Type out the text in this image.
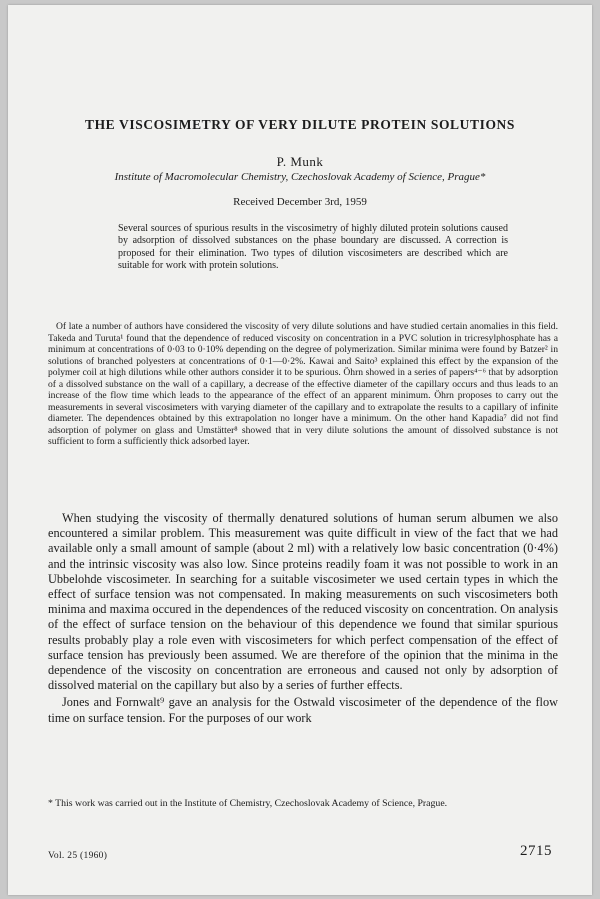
THE VISCOSIMETRY OF VERY DILUTE PROTEIN SOLUTIONS
P. Munk
Institute of Macromolecular Chemistry, Czechoslovak Academy of Science, Prague*
Received December 3rd, 1959
Several sources of spurious results in the viscosimetry of highly diluted protein solutions caused by adsorption of dissolved substances on the phase boundary are discussed. A correction is proposed for their elimination. Two types of dilution viscosimeters are described which are suitable for work with protein solutions.
Of late a number of authors have considered the viscosity of very dilute solutions and have studied certain anomalies in this field. Takeda and Turuta¹ found that the dependence of reduced viscosity on concentration in a PVC solution in tricresylphosphate has a minimum at concentrations of 0·03 to 0·10% depending on the degree of polymerization. Similar minima were found by Batzer² in solutions of branched polyesters at concentrations of 0·1—0·2%. Kawai and Saito³ explained this effect by the expansion of the polymer coil at high dilutions while other authors consider it to be spurious. Öhrn showed in a series of papers⁴⁻⁶ that by adsorption of a dissolved substance on the wall of a capillary, a decrease of the effective diameter of the capillary occurs and thus leads to an increase of the flow time which leads to the appearance of the effect of an apparent minimum. Öhrn proposes to carry out the measurements in several viscosimeters with varying diameter of the capillary and to extrapolate the results to a capillary of infinite diameter. The dependences obtained by this extrapolation no longer have a minimum. On the other hand Kapadia⁷ did not find adsorption of polymer on glass and Umstätter⁸ showed that in very dilute solutions the amount of dissolved substance is not sufficient to form a sufficiently thick adsorbed layer.

When studying the viscosity of thermally denatured solutions of human serum albumen we also encountered a similar problem. This measurement was quite difficult in view of the fact that we had available only a small amount of sample (about 2 ml) with a relatively low basic concentration (0·4%) and the intrinsic viscosity was also low. Since proteins readily foam it was not possible to work in an Ubbelohde viscosimeter. In searching for a suitable viscosimeter we used certain types in which the effect of surface tension was not compensated. In making measurements on such viscosimeters both minima and maxima occured in the dependences of the reduced viscosity on concentration. On analysis of the effect of surface tension on the behaviour of this dependence we found that similar spurious results probably play a role even with viscosimeters for which perfect compensation of the effect of surface tension has previously been assumed. We are therefore of the opinion that the minima in the dependence of the viscosity on concentration are erroneous and caused not only by adsorption of dissolved material on the capillary but also by a series of further effects.

Jones and Fornwalt⁹ gave an analysis for the Ostwald viscosimeter of the dependence of the flow time on surface tension. For the purposes of our work

* This work was carried out in the Institute of Chemistry, Czechoslovak Academy of Science, Prague.
Vol. 25 (1960)	2715
